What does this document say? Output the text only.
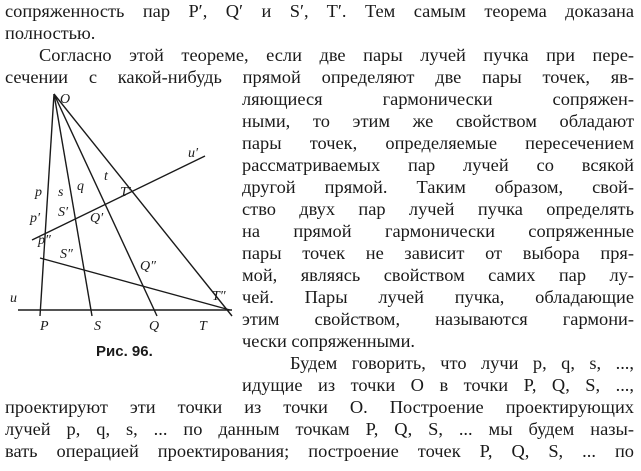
сопряженность пар P′, Q′ и S′, T′. Тем самым теорема доказана
полностью.
Согласно этой теореме, если две пары лучей пучка при пере-
сечении с какой-нибудь прямой определяют две пары точек, яв-
ляющиеся гармонически сопряжен-
ными, то этим же свойством обладают
пары точек, определяемые пересечением
рассматриваемых пар лучей со всякой
другой прямой. Таким образом, свой-
ство двух пар лучей пучка определять
на прямой гармонически сопряженные
пары точек не зависит от выбора пря-
мой, являясь свойством самих пар лу-
чей. Пары лучей пучка, обладающие
этим свойством, называются гармони-
чески сопряженными.
Будем говорить, что лучи p, q, s, ...,
идущие из точки O в точки P, Q, S, ...,
проектируют эти точки из точки O. Построение проектирующих
лучей p, q, s, ... по данным точкам P, Q, S, ... мы будем назы-
вать операцией проектирования; построение точек P, Q, S, ... по
O
p s q
t
u′
T′
p′ S′ Q′
p″
S″
Q″
T″
u
P	S	Q	T
Рис. 96.
